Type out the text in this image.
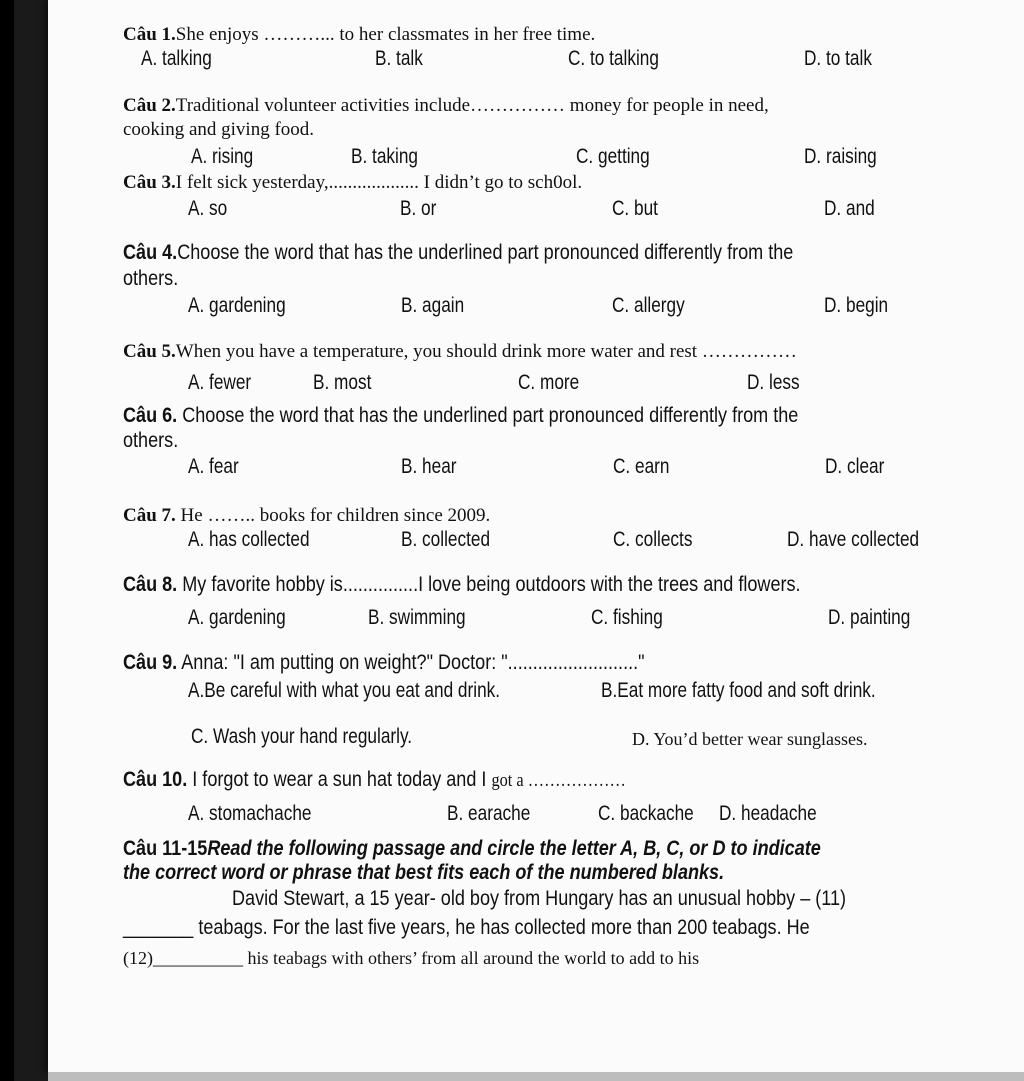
Câu 1.She enjoys ………... to her classmates in her free time.
A. talking	B. talk	C. to talking	D. to talk
Câu 2.Traditional volunteer activities include…………… money for people in need,
cooking and giving food.
A. rising	B. taking	C. getting	D. raising
Câu 3.I felt sick yesterday,................... I didn’t go to sch0ol.
A. so	B. or	C. but	D. and
Câu 4.Choose the word that has the underlined part pronounced differently from the
others.
A. gardening	B. again	C. allergy	D. begin
Câu 5.When you have a temperature, you should drink more water and rest ……………
A. fewer	B. most	C. more	D. less
Câu 6. Choose the word that has the underlined part pronounced differently from the
others.
A. fear	B. hear	C. earn	D. clear
Câu 7. He …….. books for children since 2009.
A. has collected	B. collected	C. collects	D. have collected
Câu 8. My favorite hobby is...............I love being outdoors with the trees and flowers.
A. gardening	B. swimming	C. fishing	D. painting
Câu 9. Anna: "I am putting on weight?" Doctor: ".........................."
A.Be careful with what you eat and drink.	B.Eat more fatty food and soft drink.
C. Wash your hand regularly.	D. You’d better wear sunglasses.
Câu 10. I forgot to wear a sun hat today and I got a ………………
A. stomachache	B. earache	C. backache D. headache
Câu 11-15Read the following passage and circle the letter A, B, C, or D to indicate
the correct word or phrase that best fits each of the numbered blanks.
David Stewart, a 15 year- old boy from Hungary has an unusual hobby – (11)
_______ teabags. For the last five years, he has collected more than 200 teabags. He
(12)__________ his teabags with others’ from all around the world to add to his
